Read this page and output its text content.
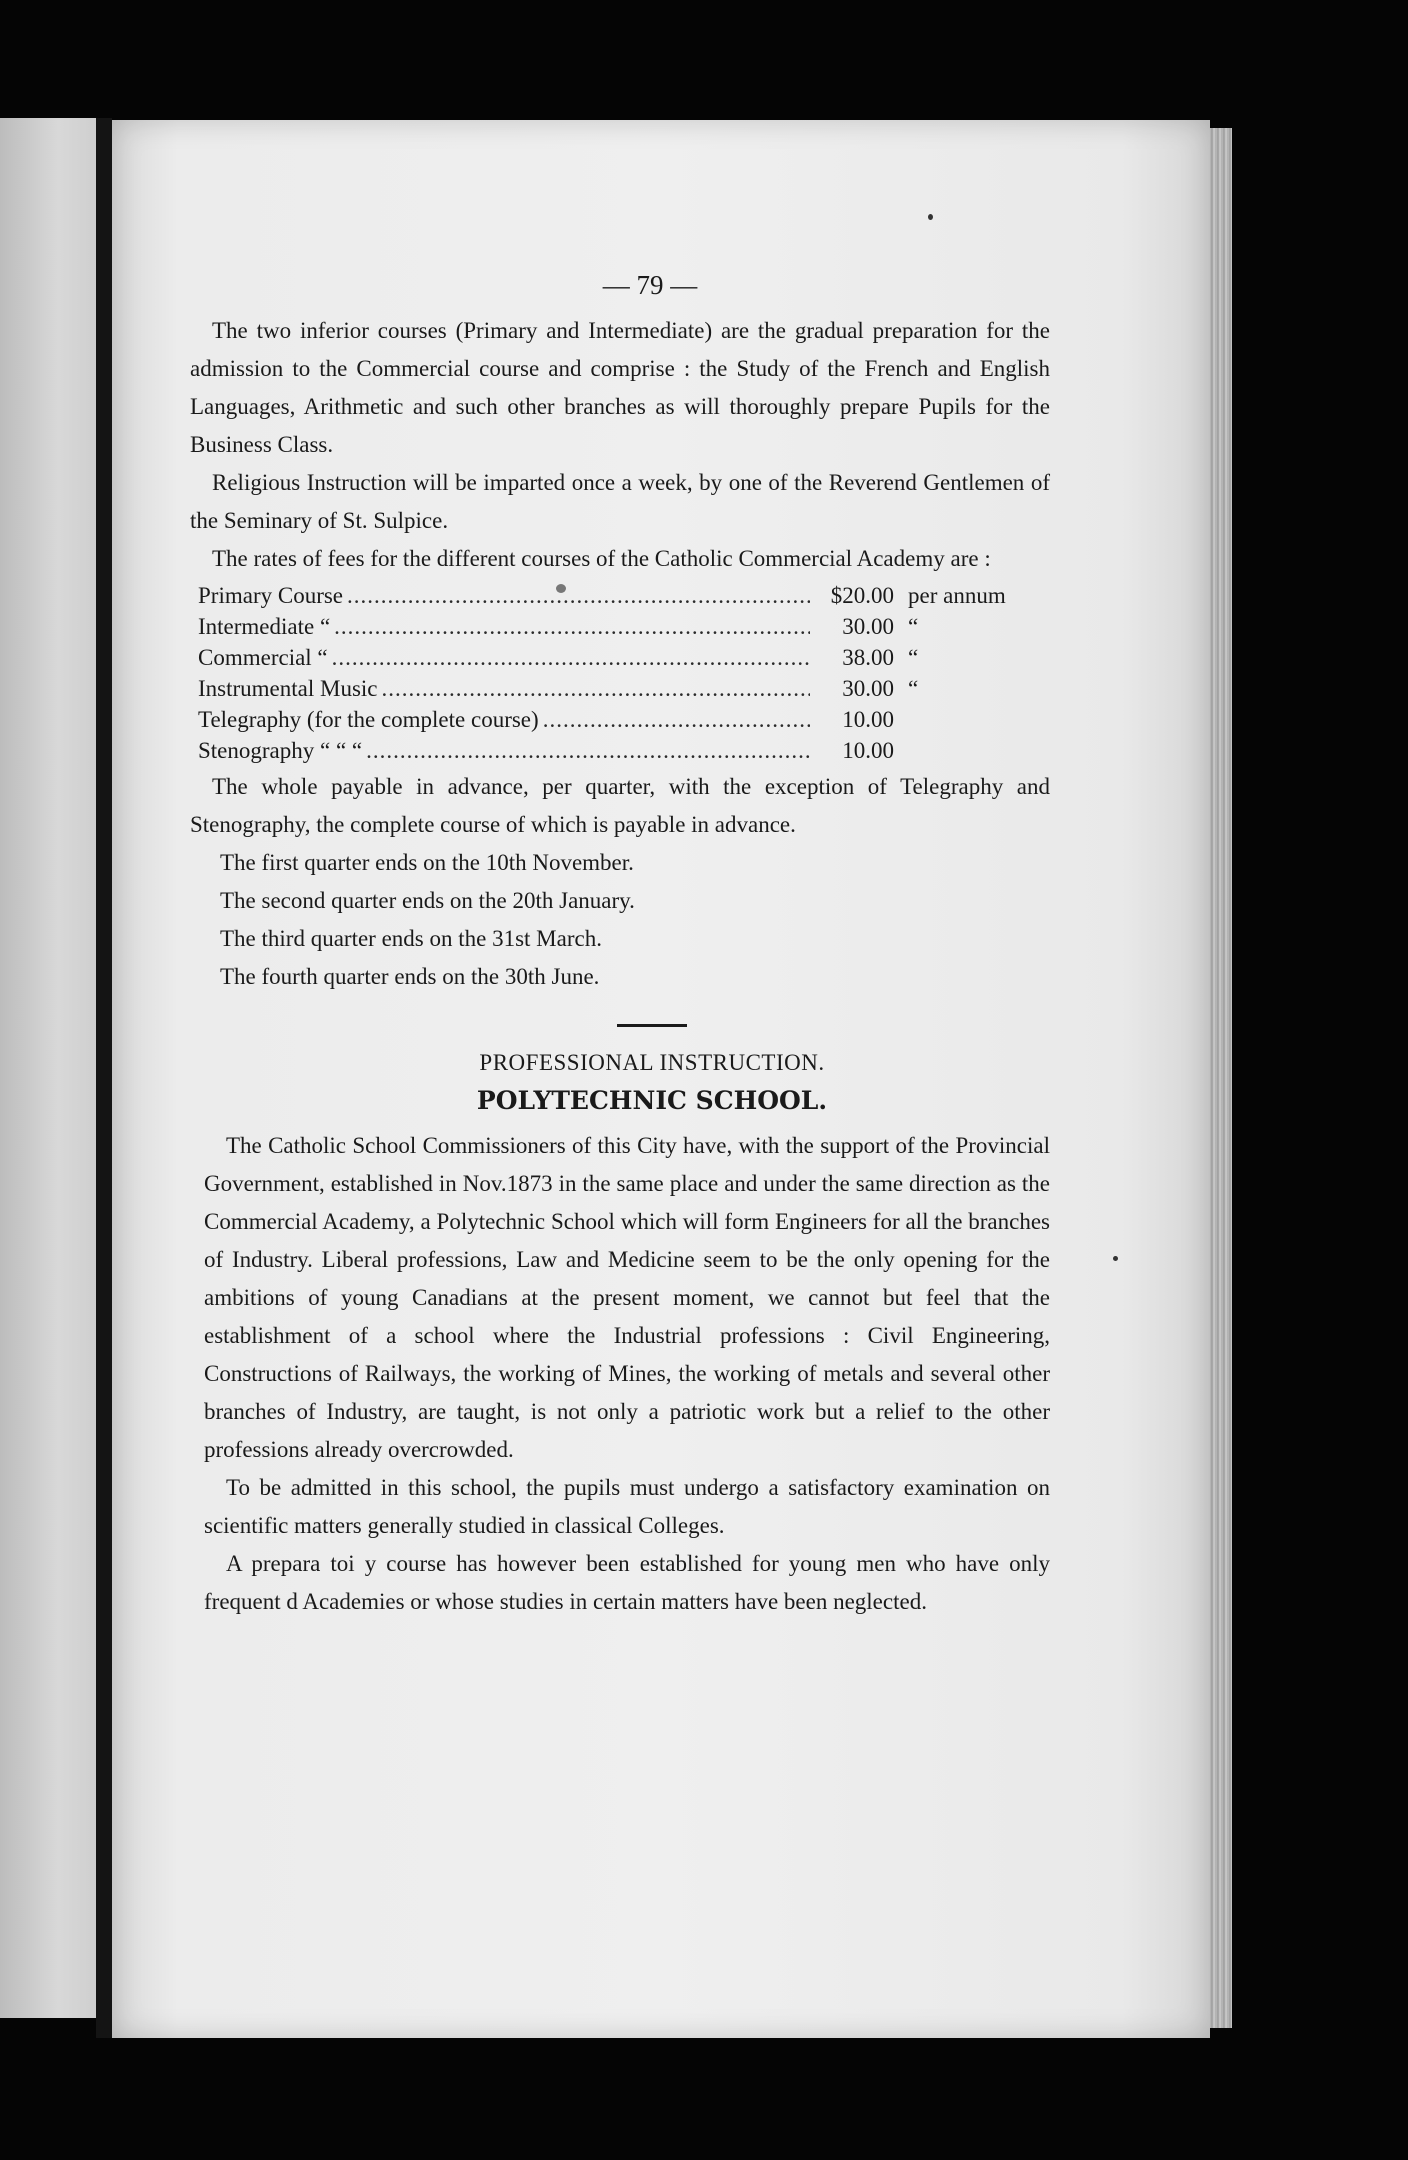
— 79 —

The two inferior courses (Primary and Intermediate) are the gradual preparation for the admission to the Commercial course and comprise : the Study of the French and English Languages, Arithmetic and such other branches as will thoroughly prepare Pupils for the Business Class.

Religious Instruction will be imparted once a week, by one of the Reverend Gentlemen of the Seminary of St. Sulpice.

The rates of fees for the different courses of the Catholic Commercial Academy are :

Primary Course .....	$20.00 per annum
Intermediate “ .....	30.00 “
Commercial “ .....	38.00 “
Instrumental Music .....	30.00 “
Telegraphy (for the complete course) .....	10.00
Stenography “ “ “ .....	10.00

The whole payable in advance, per quarter, with the exception of Telegraphy and Stenography, the complete course of which is payable in advance.

The first quarter ends on the 10th November.

The second quarter ends on the 20th January.

The third quarter ends on the 31st March.

The fourth quarter ends on the 30th June.

PROFESSIONAL INSTRUCTION.
POLYTECHNIC SCHOOL.

The Catholic School Commissioners of this City have, with the support of the Provincial Government, established in Nov.1873 in the same place and under the same direction as the Commercial Academy, a Polytechnic School which will form Engineers for all the branches of Industry. Liberal professions, Law and Medicine seem to be the only opening for the ambitions of young Canadians at the present moment, we cannot but feel that the establishment of a school where the Industrial professions : Civil Engineering, Constructions of Railways, the working of Mines, the working of metals and several other branches of Industry, are taught, is not only a patriotic work but a relief to the other professions already overcrowded.

To be admitted in this school, the pupils must undergo a satisfactory examination on scientific matters generally studied in classical Colleges.

A prepara toi y course has however been established for young men who have only frequent d Academies or whose studies in certain matters have been neglected.
